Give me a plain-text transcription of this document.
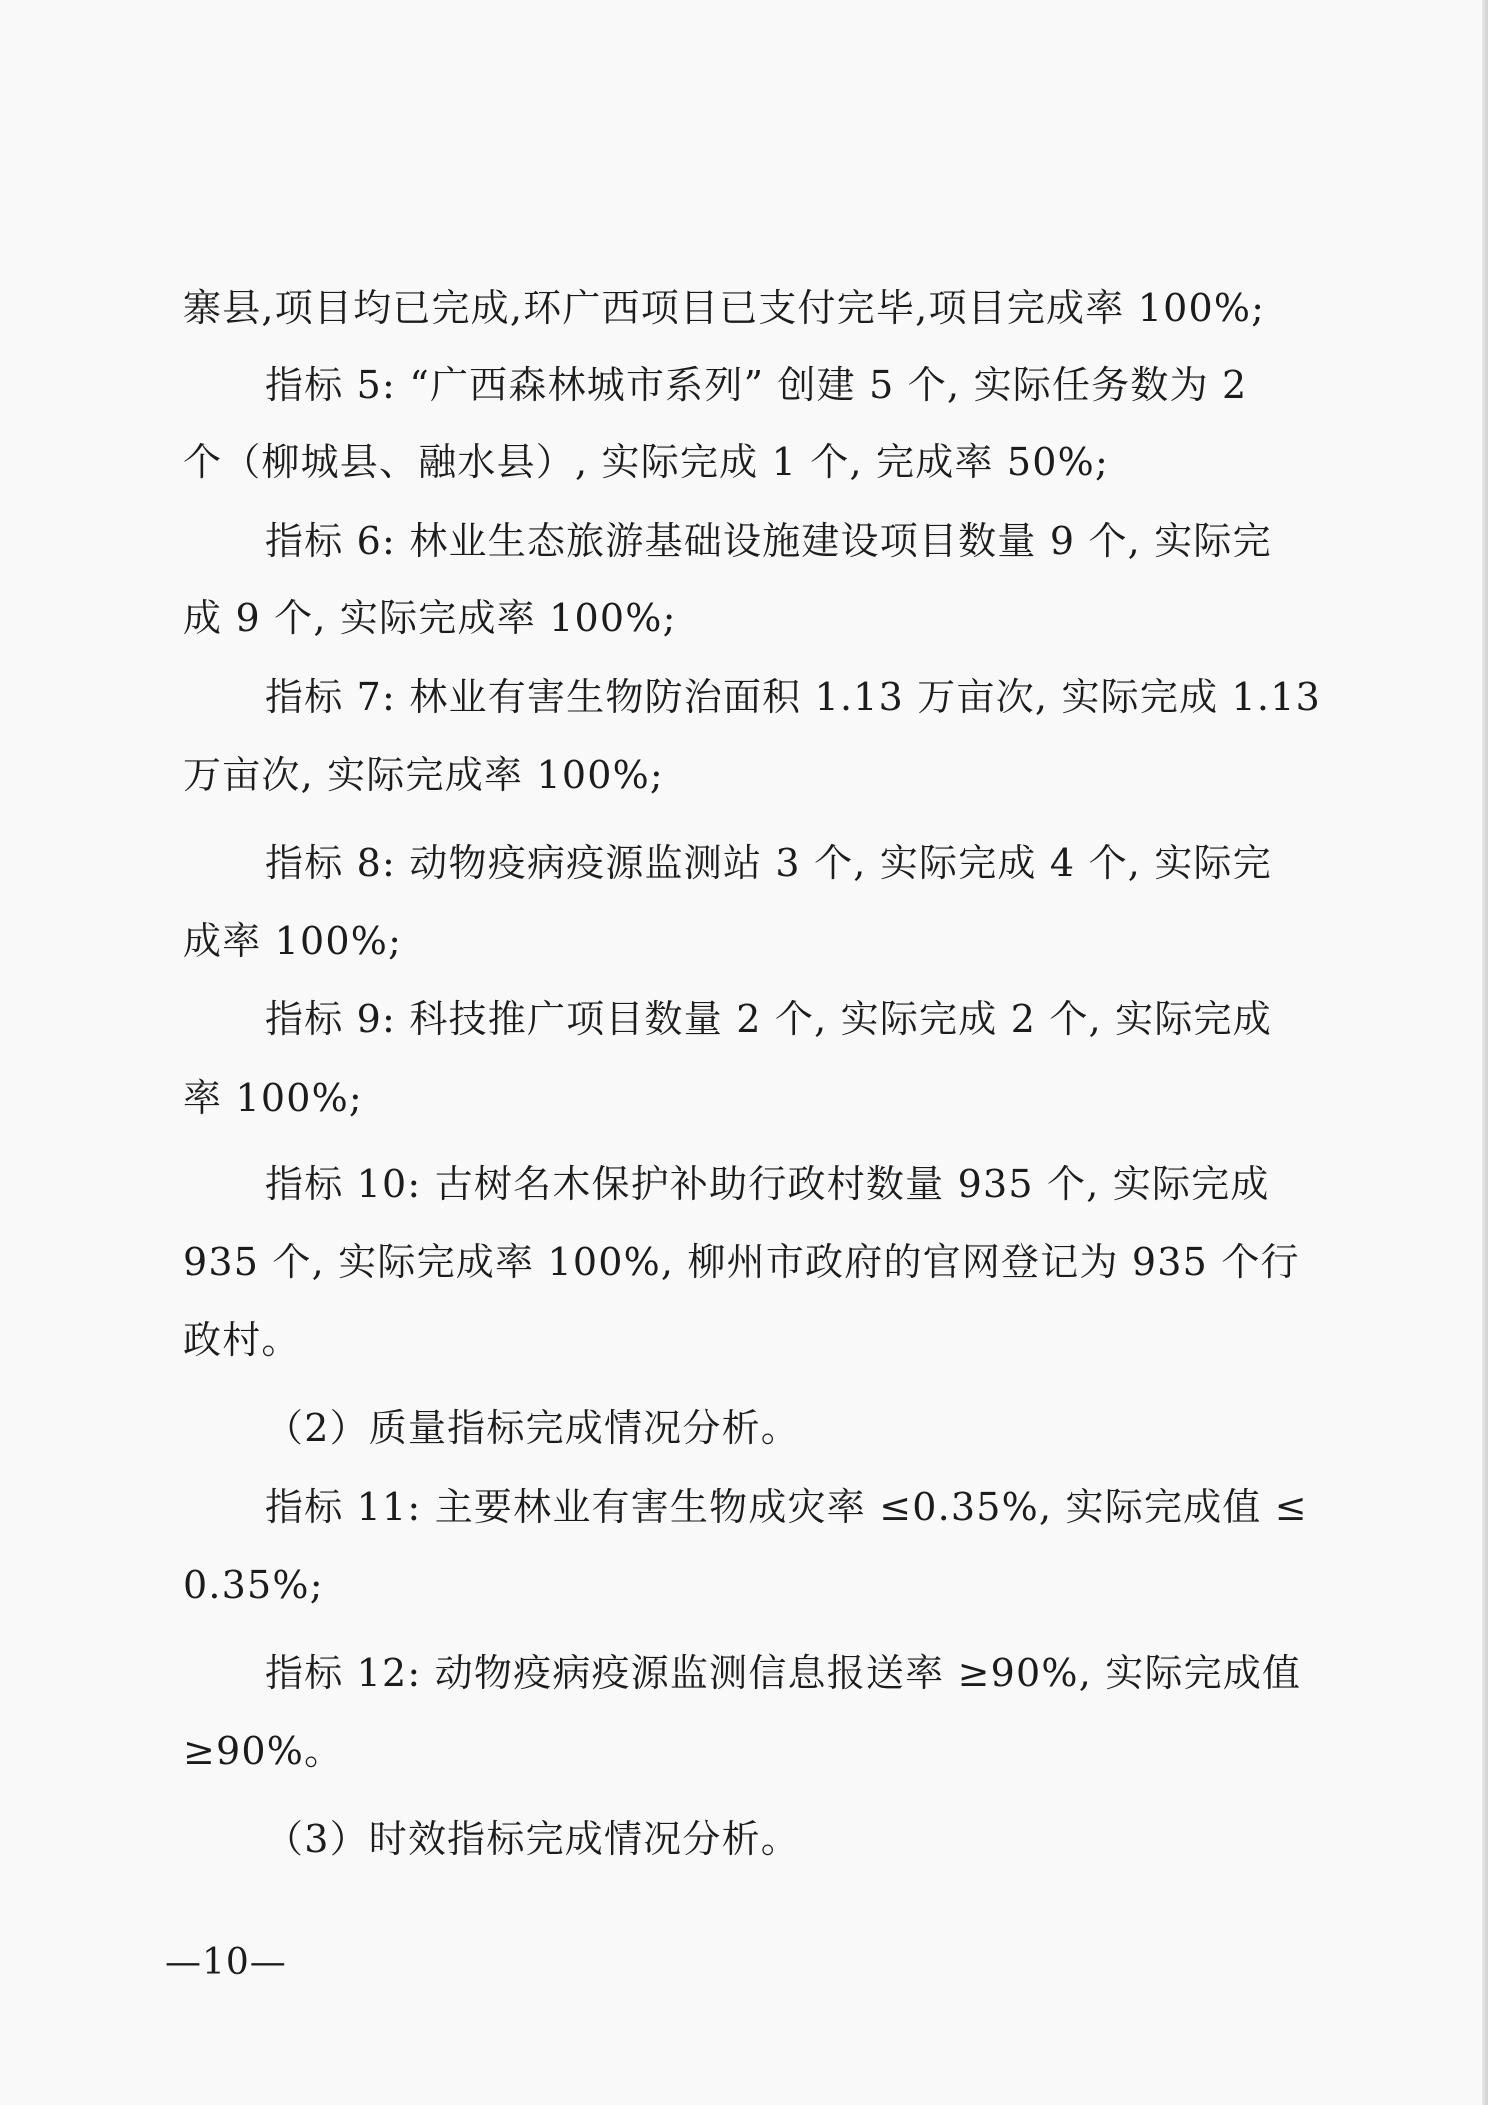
寨县,项目均已完成,环广西项目已支付完毕,项目完成率 100%;
指标 5: “广西森林城市系列” 创建 5 个, 实际任务数为 2
个（柳城县、融水县）, 实际完成 1 个, 完成率 50%;
指标 6: 林业生态旅游基础设施建设项目数量 9 个, 实际完
成 9 个, 实际完成率 100%;
指标 7: 林业有害生物防治面积 1.13 万亩次, 实际完成 1.13
万亩次, 实际完成率 100%;
指标 8: 动物疫病疫源监测站 3 个, 实际完成 4 个, 实际完
成率 100%;
指标 9: 科技推广项目数量 2 个, 实际完成 2 个, 实际完成
率 100%;
指标 10: 古树名木保护补助行政村数量 935 个, 实际完成
935 个, 实际完成率 100%, 柳州市政府的官网登记为 935 个行
政村。
（2）质量指标完成情况分析。
指标 11: 主要林业有害生物成灾率 ≤0.35%, 实际完成值 ≤
0.35%;
指标 12: 动物疫病疫源监测信息报送率 ≥90%, 实际完成值
≥90%。
（3）时效指标完成情况分析。
—10—
